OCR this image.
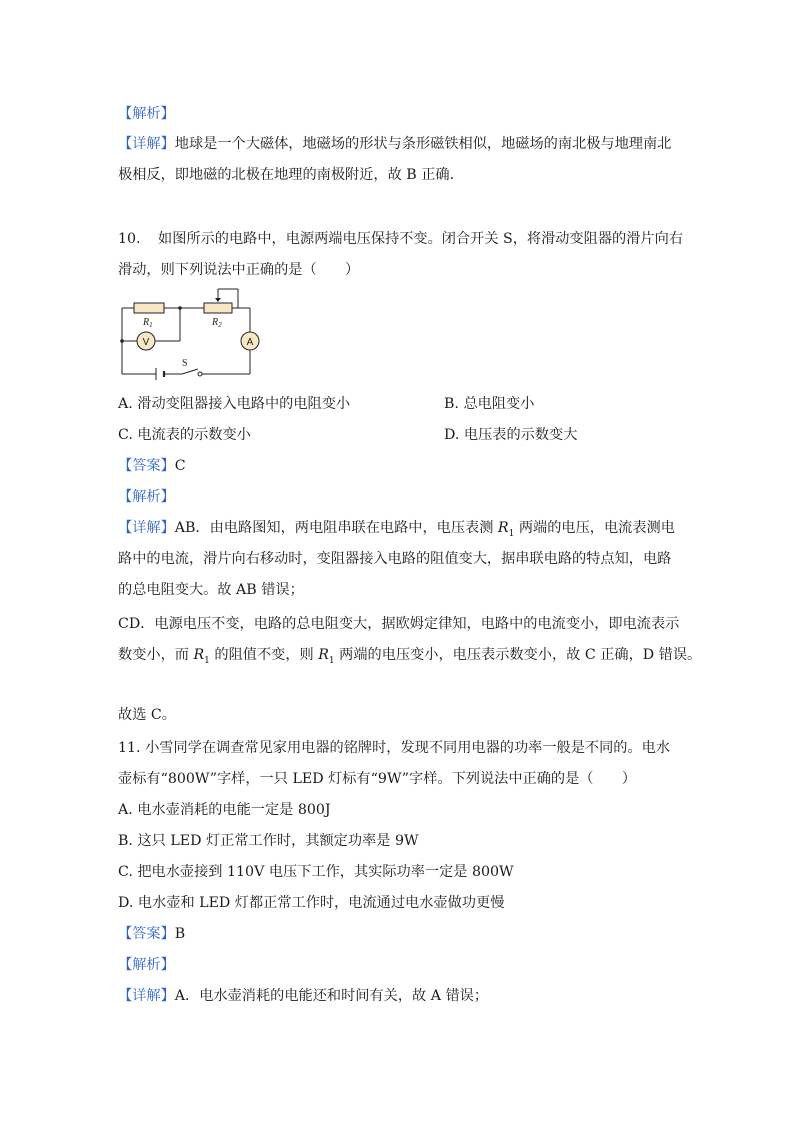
【解析】
【详解】地球是一个大磁体，地磁场的形状与条形磁铁相似，地磁场的南北极与地理南北
极相反，即地磁的北极在地理的南极附近，故 B 正确．
10. 如图所示的电路中，电源两端电压保持不变。闭合开关 S，将滑动变阻器的滑片向右
滑动，则下列说法中正确的是（　　）
$R_1$	$R_2$
V	A
S
A. 滑动变阻器接入电路中的电阻变小	B. 总电阻变小
C. 电流表的示数变小	D. 电压表的示数变大
【答案】C
【解析】
【详解】AB．由电路图知，两电阻串联在电路中，电压表测 $R_1$ 两端的电压，电流表测电
路中的电流，滑片向右移动时，变阻器接入电路的阻值变大，据串联电路的特点知，电路
的总电阻变大。故 AB 错误；
CD．电源电压不变，电路的总电阻变大，据欧姆定律知，电路中的电流变小，即电流表示
数变小，而 $R_1$ 的阻值不变，则 $R_1$ 两端的电压变小，电压表示数变小，故 C 正确，D 错误。
故选 C。
11. 小雪同学在调查常见家用电器的铭牌时，发现不同用电器的功率一般是不同的。电水
壶标有“800W”字样，一只 LED 灯标有“9W”字样。下列说法中正确的是（　　）
A. 电水壶消耗的电能一定是 800J
B. 这只 LED 灯正常工作时，其额定功率是 9W
C. 把电水壶接到 110V 电压下工作，其实际功率一定是 800W
D. 电水壶和 LED 灯都正常工作时，电流通过电水壶做功更慢
【答案】B
【解析】
【详解】A．电水壶消耗的电能还和时间有关，故 A 错误；
